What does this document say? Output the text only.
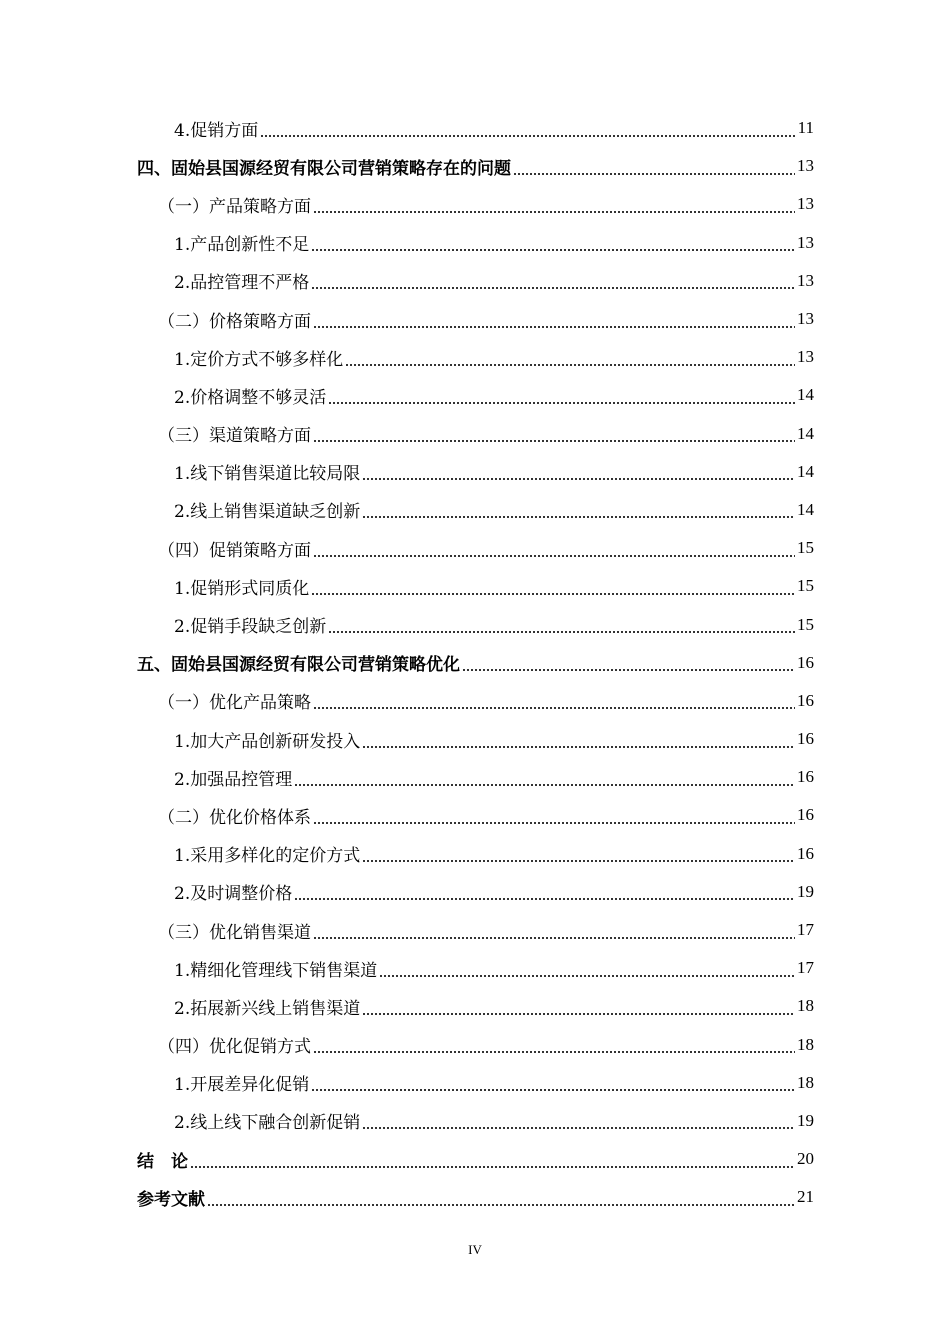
4.促销方面	11
四、固始县国源经贸有限公司营销策略存在的问题	13
（一）产品策略方面	13
1.产品创新性不足	13
2.品控管理不严格	13
（二）价格策略方面	13
1.定价方式不够多样化	13
2.价格调整不够灵活	14
（三）渠道策略方面	14
1.线下销售渠道比较局限	14
2.线上销售渠道缺乏创新	14
（四）促销策略方面	15
1.促销形式同质化	15
2.促销手段缺乏创新	15
五、固始县国源经贸有限公司营销策略优化	16
（一）优化产品策略	16
1.加大产品创新研发投入	16
2.加强品控管理	16
（二）优化价格体系	16
1.采用多样化的定价方式	16
2.及时调整价格	19
（三）优化销售渠道	17
1.精细化管理线下销售渠道	17
2.拓展新兴线上销售渠道	18
（四）优化促销方式	18
1.开展差异化促销	18
2.线上线下融合创新促销	19
结　论	20
参考文献	21
IV
